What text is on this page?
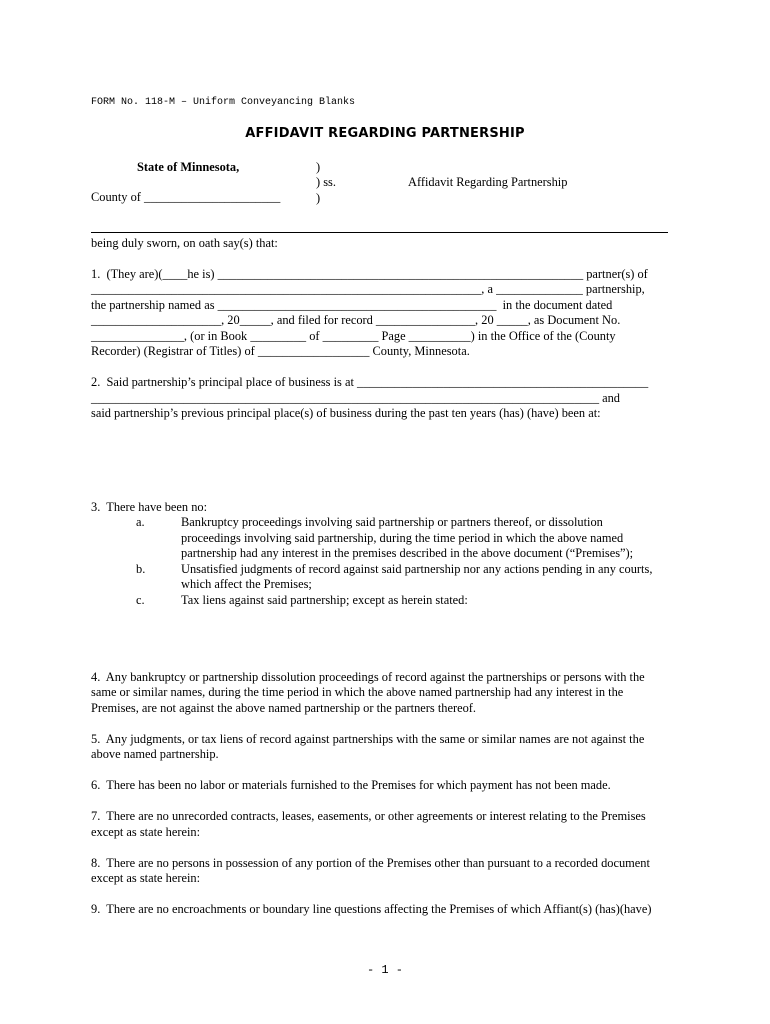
FORM No. 118-M – Uniform Conveyancing Blanks
AFFIDAVIT REGARDING PARTNERSHIP
State of Minnesota,	)
) ss.
)
Affidavit Regarding Partnership
County of ______________________
being duly sworn, on oath say(s) that:
1.  (They are)(____he is) ___________________________________________________________ partner(s) of
_______________________________________________________________, a ______________ partnership,
the partnership named as _____________________________________________  in the document dated
_____________________, 20_____, and filed for record ________________, 20 _____, as Document No.
_______________, (or in Book _________ of _________ Page __________) in the Office of the (County
Recorder) (Registrar of Titles) of __________________ County, Minnesota.
2.  Said partnership’s principal place of business is at _______________________________________________
__________________________________________________________________________________ and
said partnership’s previous principal place(s) of business during the past ten years (has) (have) been at:
3.  There have been no:
a.	Bankruptcy proceedings involving said partnership or partners thereof, or dissolution
proceedings involving said partnership, during the time period in which the above named
partnership had any interest in the premises described in the above document (“Premises”);
b.	Unsatisfied judgments of record against said partnership nor any actions pending in any courts,
which affect the Premises;
c.	Tax liens against said partnership; except as herein stated:
4.  Any bankruptcy or partnership dissolution proceedings of record against the partnerships or persons with the
same or similar names, during the time period in which the above named partnership had any interest in the
Premises, are not against the above named partnership or the partners thereof.
5.  Any judgments, or tax liens of record against partnerships with the same or similar names are not against the
above named partnership.
6.  There has been no labor or materials furnished to the Premises for which payment has not been made.
7.  There are no unrecorded contracts, leases, easements, or other agreements or interest relating to the Premises
except as state herein:
8.  There are no persons in possession of any portion of the Premises other than pursuant to a recorded document
except as state herein:
9.  There are no encroachments or boundary line questions affecting the Premises of which Affiant(s) (has)(have)
- 1 -
